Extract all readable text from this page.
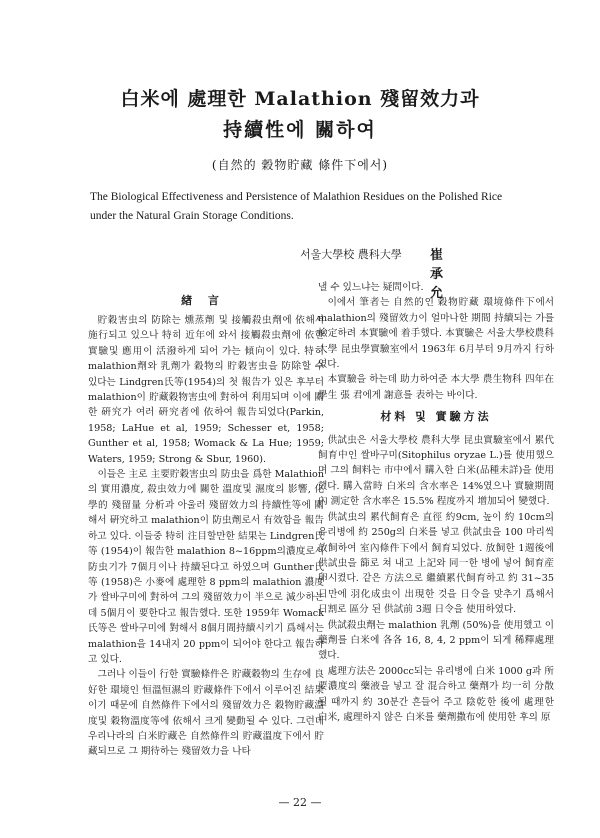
白米에 處理한 Malathion 殘留效力과
持續性에 關하여
(自然的 穀物貯藏 條件下에서)
The Biological Effectiveness and Persistence of Malathion Residues on the Polished Rice under the Natural Grain Storage Conditions.
서울大學校 農科大學 崔 承 允
緖 言

貯穀害虫의 防除는 燻蒸劑 및 接觸殺虫劑에 依해서 施行되고 있으나 特히 近年에 와서 接觸殺虫劑에 依한 實驗및 應用이 活潑하게 되어 가는 傾向이 있다. 特히 malathion劑와 乳劑가 穀物의 貯穀害虫을 防除할 수 있다는 Lindgren氏等(1954)의 첫 報告가 있은 후부터 malathion이 貯藏穀物害虫에 對하여 利用되며 이에 關한 硏究가 여러 硏究者에 依하여 報告되었다(Parkin, 1958; LaHue et al, 1959; Schesser et, 1958; Gunther et al, 1958; Womack & La Hue; 1959; Waters, 1959; Strong & Sbur, 1960).

이들은 主로 主要貯穀害虫의 防虫을 爲한 Malathion의 實用濃度, 殺虫效力에 關한 溫度및 濕度의 影響, 化學的 殘留量 分析과 아울러 殘留效力의 持續性等에 關해서 硏究하고 malathion이 防虫劑로서 有效함을 報告하고 있다. 이들중 特히 注目할만한 結果는 Lindgren氏等 (1954)이 報告한 malathion 8~16ppm의濃度로서 防虫기가 7個月이나 持續된다고 하였으며 Gunther氏等 (1958)은 小麥에 處理한 8 ppm의 malathion 濃度가 쌀바구미에 對하여 그의 殘留效力이 半으로 減少하는데 5個月이 要한다고 報告했다. 또한 1959年 Womack氏等은 쌀바구미에 對해서 8個月間持續시키기 爲해서는 malathion을 14내지 20 ppm이 되어야 한다고 報告하고 있다.

그러나 이들이 行한 實驗條件은 貯藏穀物의 生存에 良好한 環境인 恒溫恒濕의 貯藏條件下에서 이루어진 結果이기 때문에 自然條件下에서의 殘留效力은 穀物貯藏溫度및 穀物溫度等에 依해서 크게 變動될 수 있다. 그런데 우리나라의 白米貯藏은 自然條件의 貯藏溫度下에서 貯藏되므로 그 期待하는 殘留效力을 나타

낼 수 있느냐는 疑問이다.

이에서 筆者는 自然的인 穀物貯藏 環境條件下에서 malathion의 殘留效力이 얼마나한 期間 持續되는 가를 檢定하려 本實驗에 着手했다. 本實驗은 서울大學校農科大學 昆虫學實驗室에서 1963年 6月부터 9月까지 行하였다.

本實驗을 하는데 助力하여준 本大學 農生物科 四年在學生 張 君에게 謝意를 表하는 바이다.

材料 및 實驗方法

供試虫은 서울大學校 農科大學 昆虫實驗室에서 累代飼育中인 쌀바구미(Sitophilus oryzae L.)를 使用했으며 그의 飼料는 市中에서 購入한 白米(品種未詳)을 使用했다. 購入當時 白米의 含水率은 14%였으나 實驗期間內 測定한 含水率은 15.5% 程度까지 增加되어 變했다.

供試虫의 累代飼育은 直徑 約9cm, 높이 約 10cm의 유리병에 約 250g의 白米를 넣고 供試虫을 100 마리씩 放飼하여 室內條件下에서 飼育되었다. 放飼한 1週後에 供試虫을 篩로 쳐 내고 上記와 同一한 병에 넣어 飼育産卵시켰다. 같은 方法으로 繼續累代飼育하고 約 31~35日만에 羽化成虫이 出現한 것을 日令을 맞추기 爲해서 日割로 區分 된 供試前 3週 日令을 使用하였다.

供試殺虫劑는 malathion 乳劑 (50%)을 使用했고 이 藥劑를 白米에 各各 16, 8, 4, 2 ppm이 되게 稀釋處理했다.

處理方法은 2000cc되는 유리병에 白米 1000 g과 所要濃度의 藥液을 넣고 잘 混合하고 藥劑가 均一히 分散될 때까지 約 30분간 흔들어 주고 陰乾한 後에 處理한 白米, 處理하지 않은 白米를 藥劑撒布에 使用한 후의 原

— 22 —
